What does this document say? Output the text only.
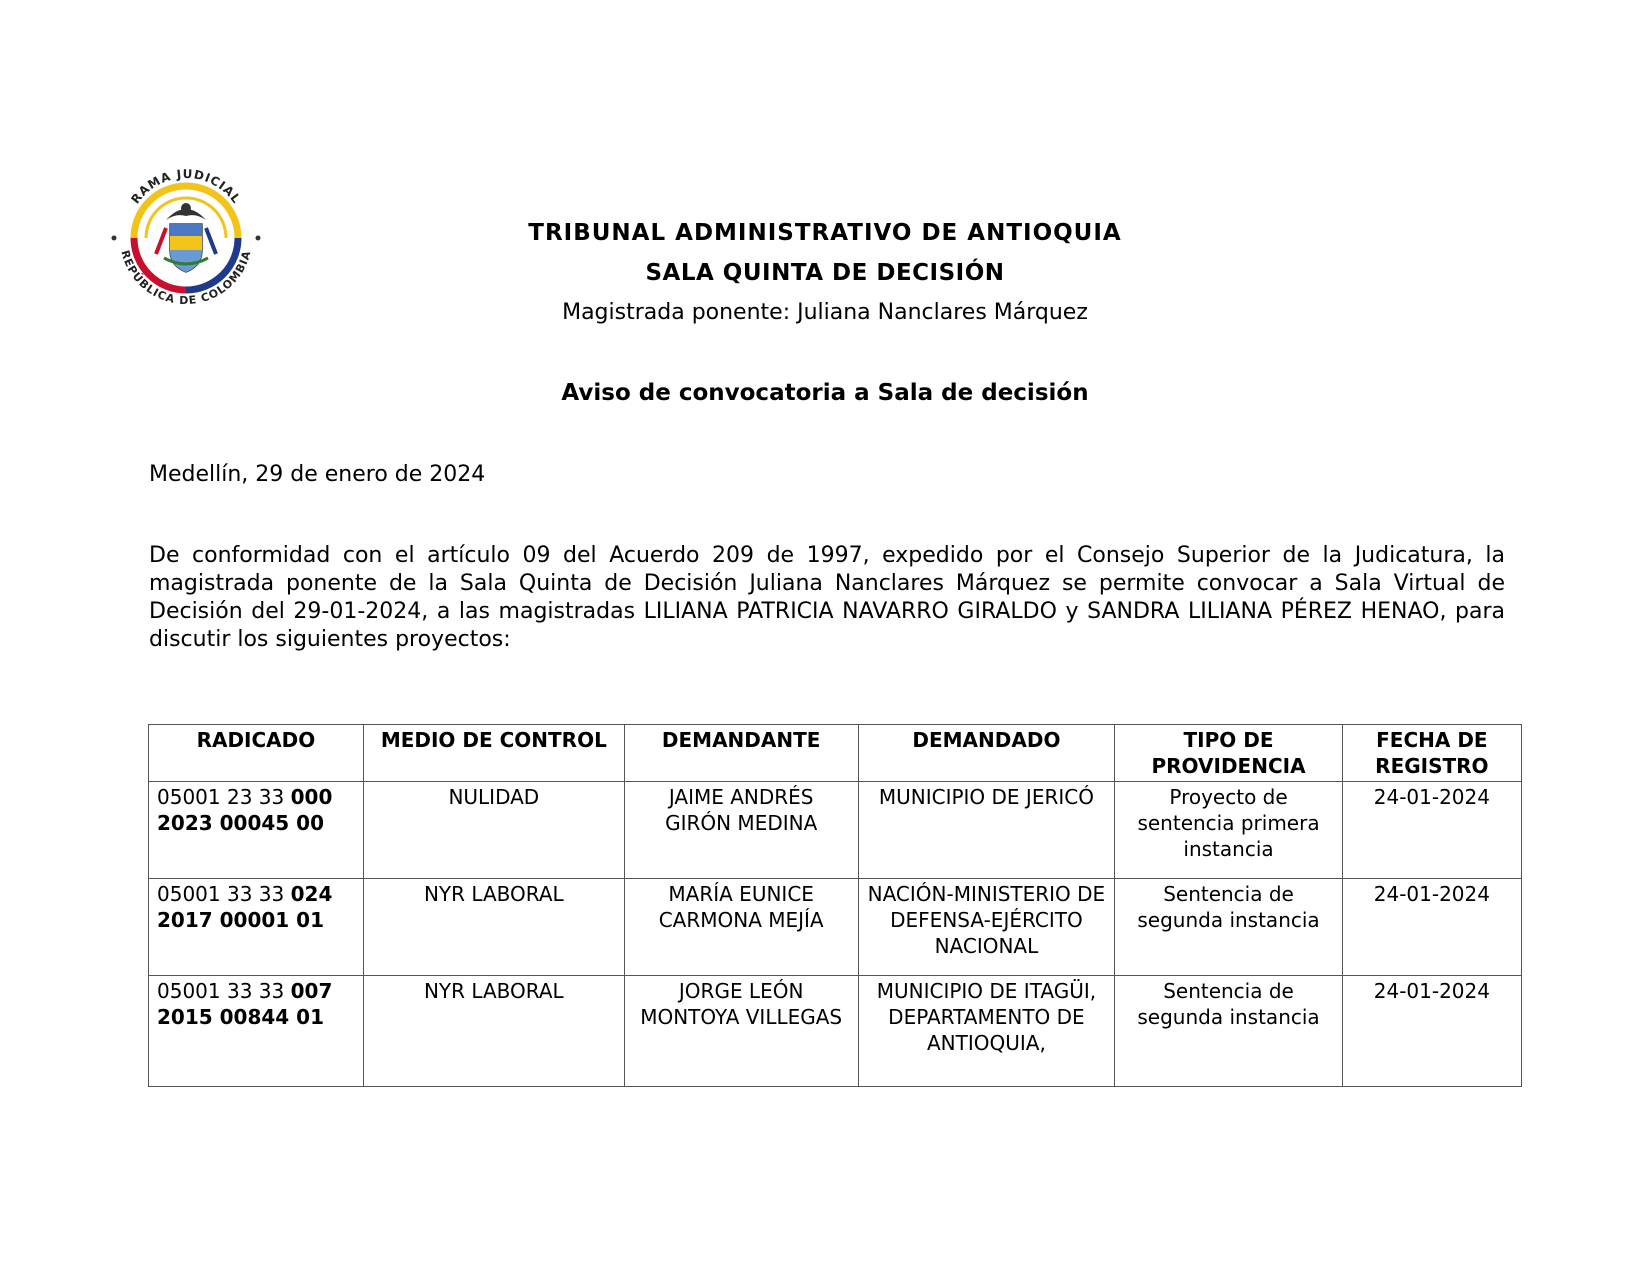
RAMA JUDICIAL
REPÚBLICA DE COLOMBIA
TRIBUNAL ADMINISTRATIVO DE ANTIOQUIA
SALA QUINTA DE DECISIÓN
Magistrada ponente: Juliana Nanclares Márquez
Aviso de convocatoria a Sala de decisión
Medellín, 29 de enero de 2024
De conformidad con el artículo 09 del Acuerdo 209 de 1997, expedido por el Consejo Superior de la Judicatura, la magistrada ponente de la Sala Quinta de Decisión Juliana Nanclares Márquez se permite convocar a Sala Virtual de Decisión del 29-01-2024, a las magistradas LILIANA PATRICIA NAVARRO GIRALDO y SANDRA LILIANA PÉREZ HENAO, para discutir los siguientes proyectos:
RADICADO	MEDIO DE CONTROL	DEMANDANTE	DEMANDADO	TIPO DE PROVIDENCIA	FECHA DE REGISTRO
05001 23 33 000
2023 00045 00	NULIDAD	JAIME ANDRÉS GIRÓN MEDINA	MUNICIPIO DE JERICÓ	Proyecto de sentencia primera instancia	24-01-2024
05001 33 33 024
2017 00001 01	NYR LABORAL	MARÍA EUNICE CARMONA MEJÍA	NACIÓN-MINISTERIO DE DEFENSA-EJÉRCITO NACIONAL	Sentencia de segunda instancia	24-01-2024
05001 33 33 007
2015 00844 01	NYR LABORAL	JORGE LEÓN MONTOYA VILLEGAS	MUNICIPIO DE ITAGÜI, DEPARTAMENTO DE ANTIOQUIA,	Sentencia de segunda instancia	24-01-2024
